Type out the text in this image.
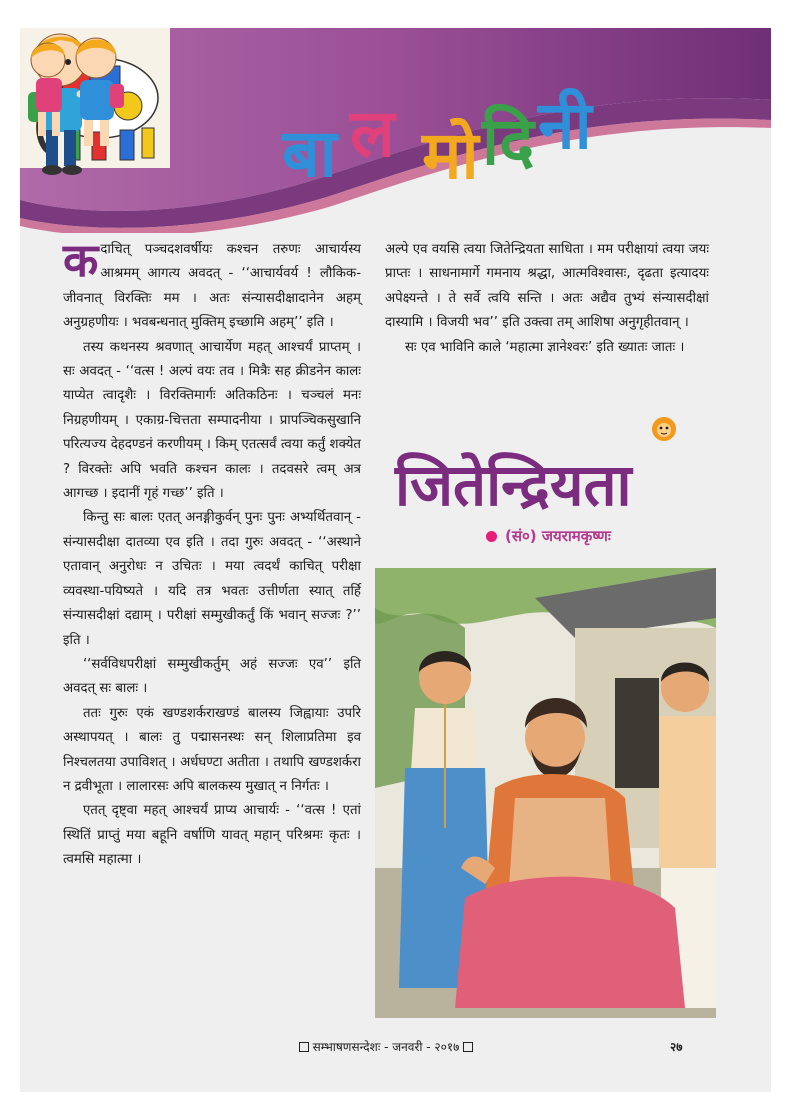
बा ल मो दि नी

कदाचित् पञ्चदशवर्षीयः कश्चन तरुणः आचार्यस्य आश्रमम् आगत्य अवदत् - ‘‘आचार्यवर्य ! लौकिक-जीवनात् विरक्तिः मम । अतः संन्यासदीक्षादानेन अहम् अनुग्रहणीयः । भवबन्धनात् मुक्तिम् इच्छामि अहम्’’ इति ।

तस्य कथनस्य श्रवणात् आचार्येण महत् आश्चर्यं प्राप्तम् । सः अवदत् - ‘‘वत्स ! अल्पं वयः तव । मित्रैः सह क्रीडनेन कालः याप्येत त्वादृशैः । विरक्तिमार्गः अतिकठिनः । चञ्चलं मनः निग्रहणीयम् । एकाग्र-चित्तता सम्पादनीया । प्रापञ्चिकसुखानि परित्यज्य देहदण्डनं करणीयम् । किम् एतत्सर्वं त्वया कर्तुं शक्येत ? विरक्तेः अपि भवति कश्चन कालः । तदवसरे त्वम् अत्र आगच्छ । इदानीं गृहं गच्छ’’ इति ।

किन्तु सः बालः एतत् अनङ्गीकुर्वन् पुनः पुनः अभ्यर्थितवान् - संन्यासदीक्षा दातव्या एव इति । तदा गुरुः अवदत् - ‘‘अस्थाने एतावान् अनुरोधः न उचितः । मया त्वदर्थं काचित् परीक्षा व्यवस्था-पयिष्यते । यदि तत्र भवतः उत्तीर्णता स्यात् तर्हि संन्यासदीक्षां दद्याम् । परीक्षां सम्मुखीकर्तुं किं भवान् सज्जः ?’’ इति ।

‘‘सर्वविधपरीक्षां सम्मुखीकर्तुम् अहं सज्जः एव’’ इति अवदत् सः बालः ।

ततः गुरुः एकं खण्डशर्कराखण्डं बालस्य जिह्वायाः उपरि अस्थापयत् । बालः तु पद्मासनस्थः सन् शिलाप्रतिमा इव निश्चलतया उपाविशत् । अर्धघण्टा अतीता । तथापि खण्डशर्करा न द्रवीभूता । लालारसः अपि बालकस्य मुखात् न निर्गतः ।

एतत् दृष्ट्वा महत् आश्चर्यं प्राप्य आचार्यः - ‘‘वत्स ! एतां स्थितिं प्राप्तुं मया बहूनि वर्षाणि यावत् महान् परिश्रमः कृतः । त्वमसि महात्मा ।

अल्पे एव वयसि त्वया जितेन्द्रियता साधिता । मम परीक्षायां त्वया जयः प्राप्तः । साधनामार्गे गमनाय श्रद्धा, आत्मविश्वासः, दृढता इत्यादयः अपेक्ष्यन्ते । ते सर्वे त्वयि सन्ति । अतः अद्यैव तुभ्यं संन्यासदीक्षां दास्यामि । विजयी भव’’ इति उक्त्वा तम् आशिषा अनुगृहीतवान् ।

सः एव भाविनि काले ‘महात्मा ज्ञानेश्वरः’ इति ख्यातः जातः ।

जितेन्द्रियता
(सं०) जयरामकृष्णः
सम्भाषणसन्देशः - जनवरी - २०१७	२७
